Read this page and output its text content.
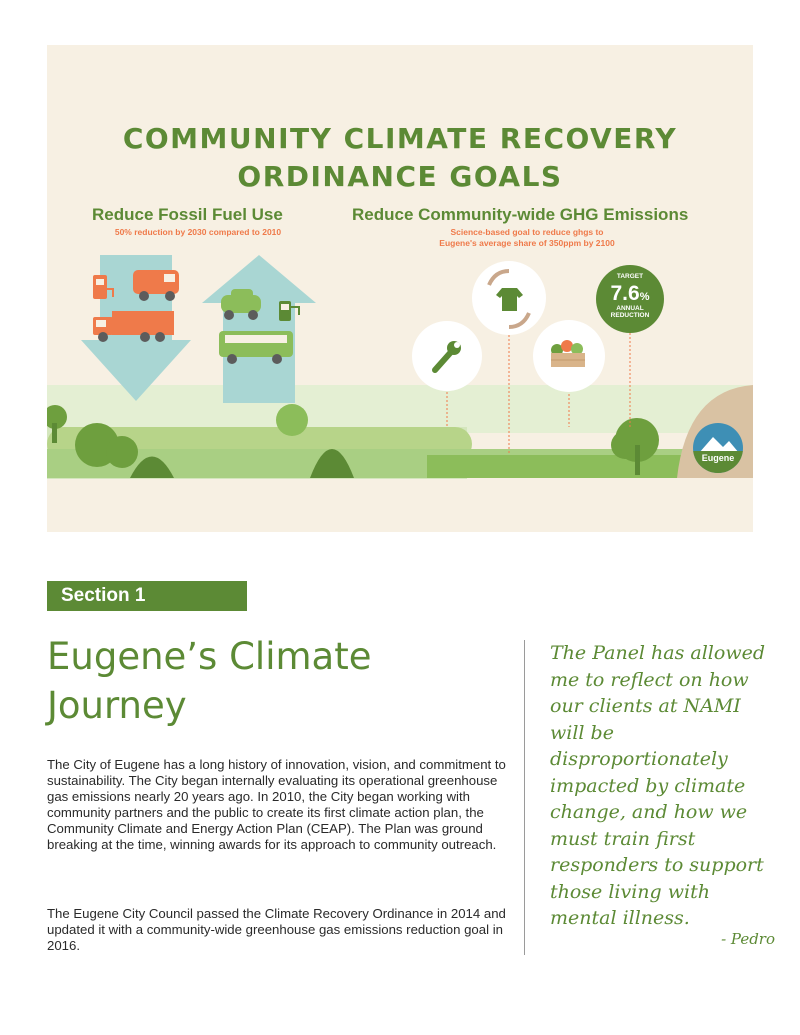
COMMUNITY CLIMATE RECOVERY
ORDINANCE GOALS
Reduce Fossil Fuel Use
50% reduction by 2030 compared to 2010
Reduce Community-wide GHG Emissions
Science-based goal to reduce ghgs to
Eugene's average share of 350ppm by 2100
TARGET
7.6%
ANNUAL
REDUCTION
Eugene
Section 1
Eugene’s Climate Journey

The City of Eugene has a long history of innovation, vision, and commitment to sustainability. The City began internally evaluating its operational greenhouse gas emissions nearly 20 years ago. In 2010, the City began working with community partners and the public to create its first climate action plan, the Community Climate and Energy Action Plan (CEAP). The Plan was ground breaking at the time, winning awards for its approach to community outreach.

The Eugene City Council passed the Climate Recovery Ordinance in 2014 and updated it with a community-wide greenhouse gas emissions reduction goal in 2016.

The Panel has allowed me to reflect on how our clients at NAMI will be disproportionately impacted by climate change, and how we must train first responders to support those living with mental illness.

- Pedro
